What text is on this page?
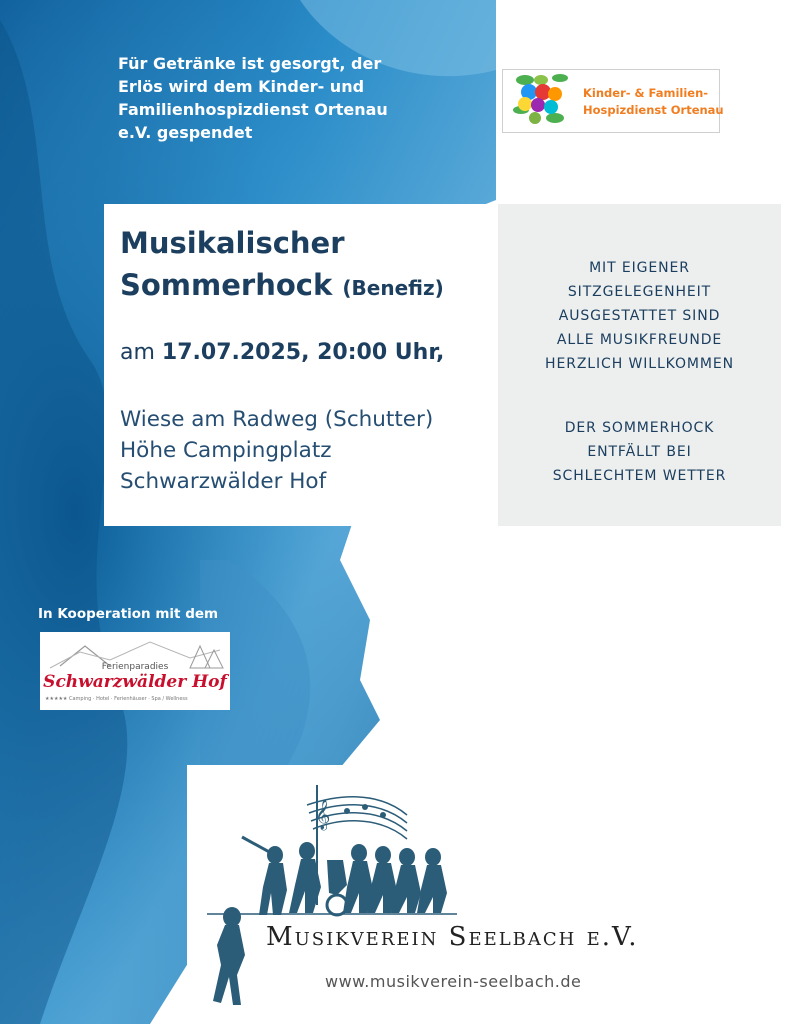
Für Getränke ist gesorgt, der Erlös wird dem Kinder- und Familienhospizdienst Ortenau e.V. gespendet
Kinder- & Familien-
Hospizdienst Ortenau
Musikalischer
Sommerhock (Benefiz)
am 17.07.2025, 20:00 Uhr,
Wiese am Radweg (Schutter)
Höhe Campingplatz
Schwarzwälder Hof
MIT EIGENER
SITZGELEGENHEIT
AUSGESTATTET SIND
ALLE MUSIKFREUNDE
HERZLICH WILLKOMMEN
DER SOMMERHOCK
ENTFÄLLT BEI
SCHLECHTEM WETTER
In Kooperation mit dem
Ferienparadies
Schwarzwälder Hof
★★★★★ Camping · Hotel · Ferienhäuser · Spa / Wellness
𝄞
Musikverein Seelbach e.V.
www.musikverein-seelbach.de
